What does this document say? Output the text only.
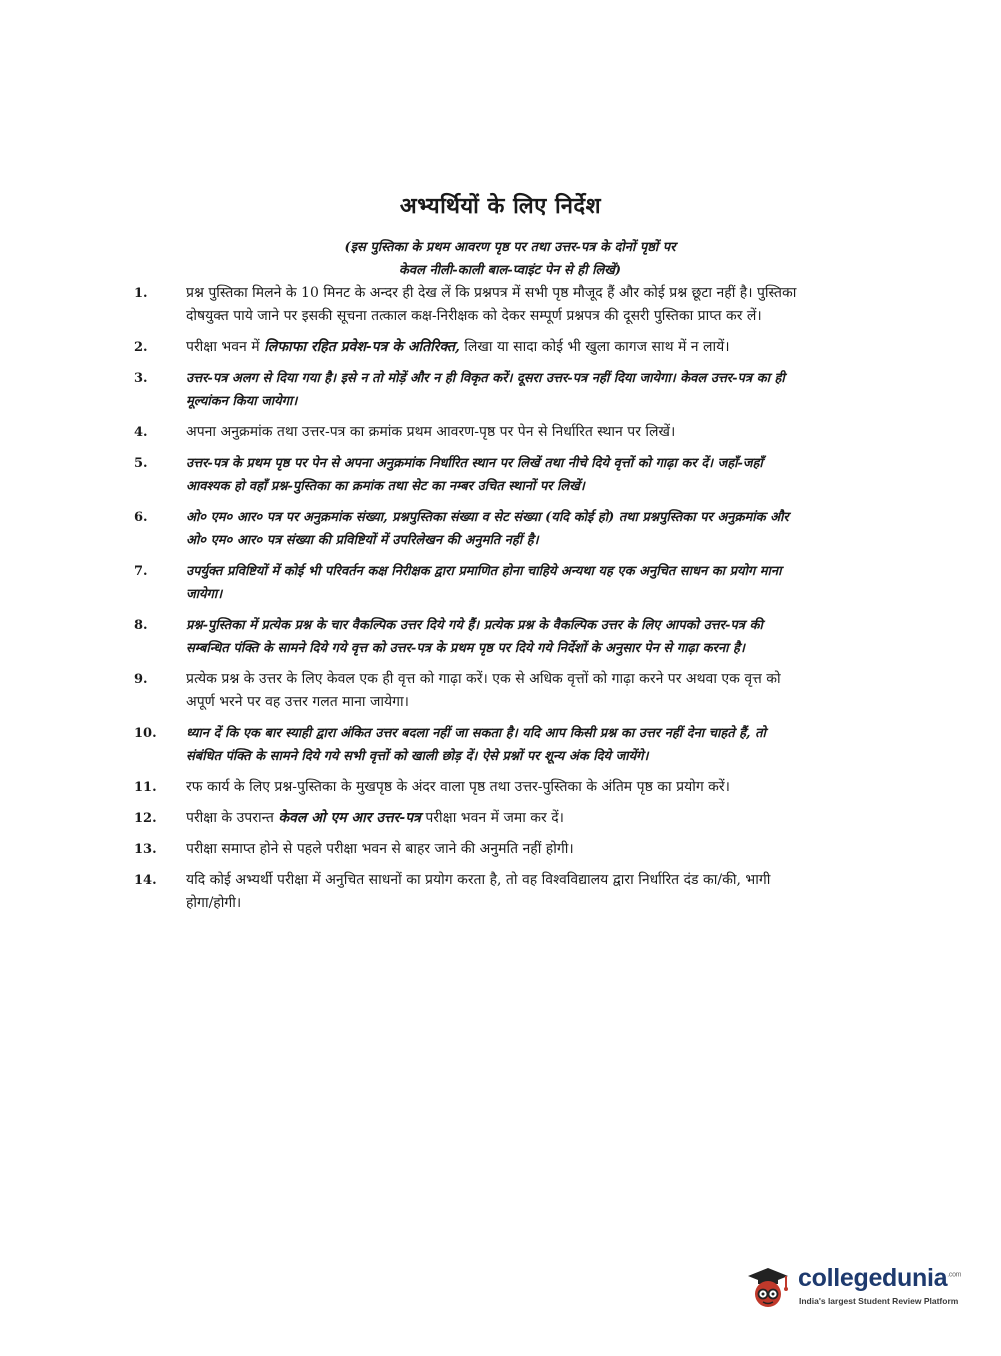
अभ्यर्थियों के लिए निर्देश
(इस पुस्तिका के प्रथम आवरण पृष्ठ पर तथा उत्तर-पत्र के दोनों पृष्ठों पर
केवल नीली-काली बाल-प्वाइंट पेन से ही लिखें)
1.	प्रश्न पुस्तिका मिलने के 10 मिनट के अन्दर ही देख लें कि प्रश्नपत्र में सभी पृष्ठ मौजूद हैं और कोई प्रश्न छूटा नहीं है। पुस्तिका दोषयुक्त पाये जाने पर इसकी सूचना तत्काल कक्ष-निरीक्षक को देकर सम्पूर्ण प्रश्नपत्र की दूसरी पुस्तिका प्राप्त कर लें।
2.	परीक्षा भवन में लिफाफा रहित प्रवेश-पत्र के अतिरिक्त, लिखा या सादा कोई भी खुला कागज साथ में न लायें।
3.	उत्तर-पत्र अलग से दिया गया है। इसे न तो मोड़ें और न ही विकृत करें। दूसरा उत्तर-पत्र नहीं दिया जायेगा। केवल उत्तर-पत्र का ही मूल्यांकन किया जायेगा।
4.	अपना अनुक्रमांक तथा उत्तर-पत्र का क्रमांक प्रथम आवरण-पृष्ठ पर पेन से निर्धारित स्थान पर लिखें।
5.	उत्तर-पत्र के प्रथम पृष्ठ पर पेन से अपना अनुक्रमांक निर्धारित स्थान पर लिखें तथा नीचे दिये वृत्तों को गाढ़ा कर दें। जहाँ-जहाँ आवश्यक हो वहाँ प्रश्न-पुस्तिका का क्रमांक तथा सेट का नम्बर उचित स्थानों पर लिखें।
6.	ओ० एम० आर० पत्र पर अनुक्रमांक संख्या, प्रश्नपुस्तिका संख्या व सेट संख्या (यदि कोई हो) तथा प्रश्नपुस्तिका पर अनुक्रमांक और ओ० एम० आर० पत्र संख्या की प्रविष्टियों में उपरिलेखन की अनुमति नहीं है।
7.	उपर्युक्त प्रविष्टियों में कोई भी परिवर्तन कक्ष निरीक्षक द्वारा प्रमाणित होना चाहिये अन्यथा यह एक अनुचित साधन का प्रयोग माना जायेगा।
8.	प्रश्न-पुस्तिका में प्रत्येक प्रश्न के चार वैकल्पिक उत्तर दिये गये हैं। प्रत्येक प्रश्न के वैकल्पिक उत्तर के लिए आपको उत्तर-पत्र की सम्बन्धित पंक्ति के सामने दिये गये वृत्त को उत्तर-पत्र के प्रथम पृष्ठ पर दिये गये निर्देशों के अनुसार पेन से गाढ़ा करना है।
9.	प्रत्येक प्रश्न के उत्तर के लिए केवल एक ही वृत्त को गाढ़ा करें। एक से अधिक वृत्तों को गाढ़ा करने पर अथवा एक वृत्त को अपूर्ण भरने पर वह उत्तर गलत माना जायेगा।
10.	ध्यान दें कि एक बार स्याही द्वारा अंकित उत्तर बदला नहीं जा सकता है। यदि आप किसी प्रश्न का उत्तर नहीं देना चाहते हैं, तो संबंधित पंक्ति के सामने दिये गये सभी वृत्तों को खाली छोड़ दें। ऐसे प्रश्नों पर शून्य अंक दिये जायेंगे।
11.	रफ कार्य के लिए प्रश्न-पुस्तिका के मुखपृष्ठ के अंदर वाला पृष्ठ तथा उत्तर-पुस्तिका के अंतिम पृष्ठ का प्रयोग करें।
12.	परीक्षा के उपरान्त केवल ओ एम आर उत्तर-पत्र परीक्षा भवन में जमा कर दें।
13.	परीक्षा समाप्त होने से पहले परीक्षा भवन से बाहर जाने की अनुमति नहीं होगी।
14.	यदि कोई अभ्यर्थी परीक्षा में अनुचित साधनों का प्रयोग करता है, तो वह विश्वविद्यालय द्वारा निर्धारित दंड का/की, भागी होगा/होगी।
collegedunia$^{.com}$
India's largest Student Review Platform
